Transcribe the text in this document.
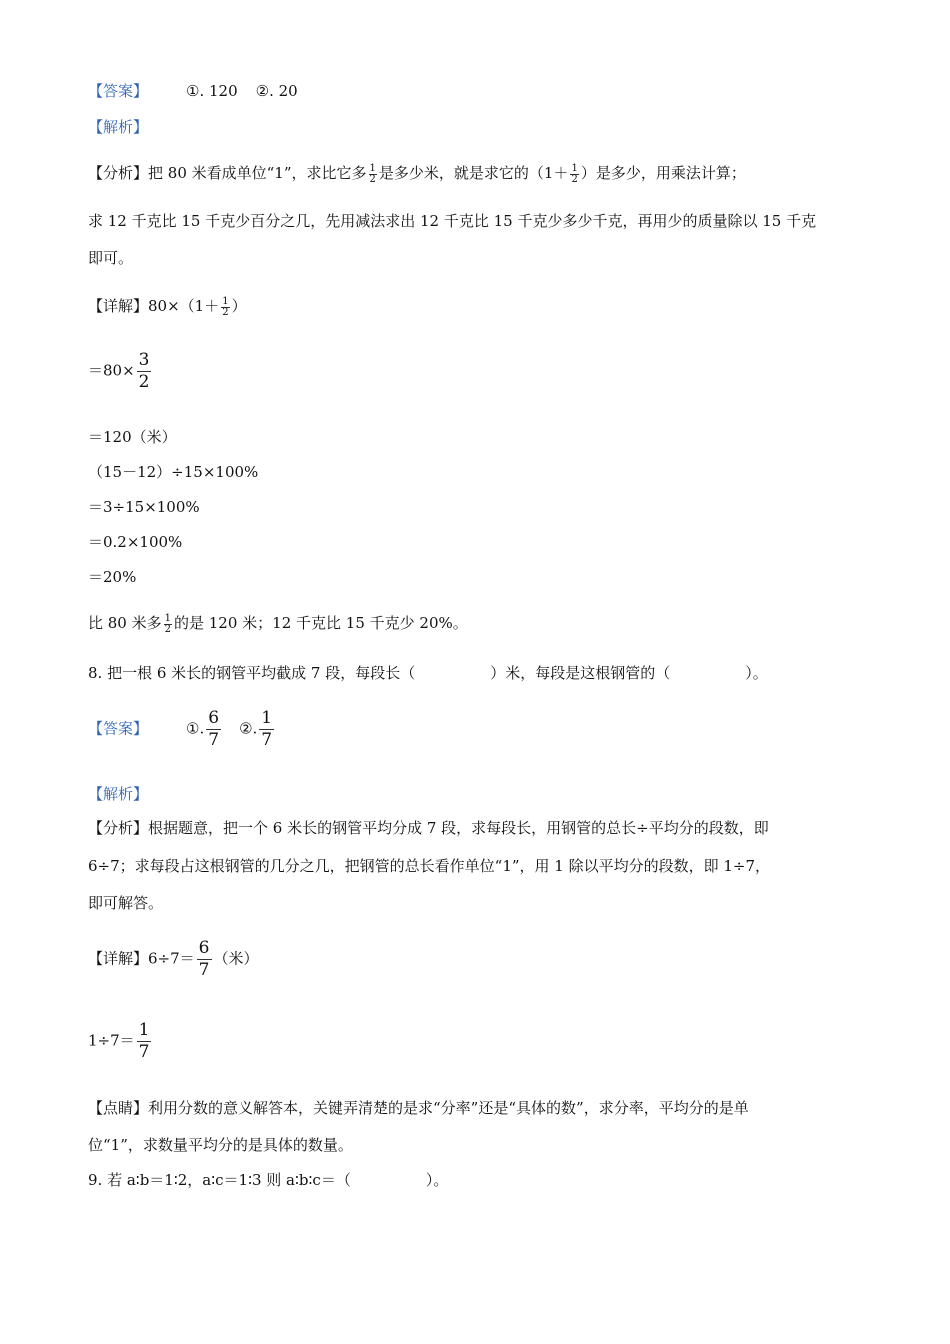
【答案】	①. 120 ②. 20
【解析】
【分析】把 80 米看成单位“1”，求比它多 $\frac{1}{2}$ 是多少米，就是求它的（$1+ \frac{1}{2}$ ）是多少，用乘法计算；
求 12 千克比 15 千克少百分之几，先用减法求出 12 千克比 15 千克少多少千克，再用少的质量除以 15 千克
即可。
【详解】$80\times(1+ \frac{1}{2}$ ）
$=80\times \frac{3}{2}$
＝120（米）
（15－12）÷15×100%
＝3÷15×100%
＝0.2×100%
＝20%
比 80 米多 $\frac{1}{2}$ 的是 120 米；12 千克比 15 千克少 20%。
8. 把一根 6 米长的钢管平均截成 7 段，每段长（　　　　　）米，每段是这根钢管的（　　　　　）。
【答案】	①. $\frac{6}{7}$ ②. $\frac{1}{7}$
【解析】
【分析】根据题意，把一个 6 米长的钢管平均分成 7 段，求每段长，用钢管的总长÷平均分的段数，即
6÷7；求每段占这根钢管的几分之几，把钢管的总长看作单位“1”，用 1 除以平均分的段数，即 1÷7，
即可解答。
【详解】$6\div 7= \frac{6}{7}$ （米）
$1\div 7= \frac{1}{7}$
【点睛】利用分数的意义解答本，关键弄清楚的是求“分率”还是“具体的数”，求分率，平均分的是单
位“1”，求数量平均分的是具体的数量。
9. 若 a∶b＝1∶2，a∶c＝1∶3 则 a∶b∶c＝（　　　　　）。
